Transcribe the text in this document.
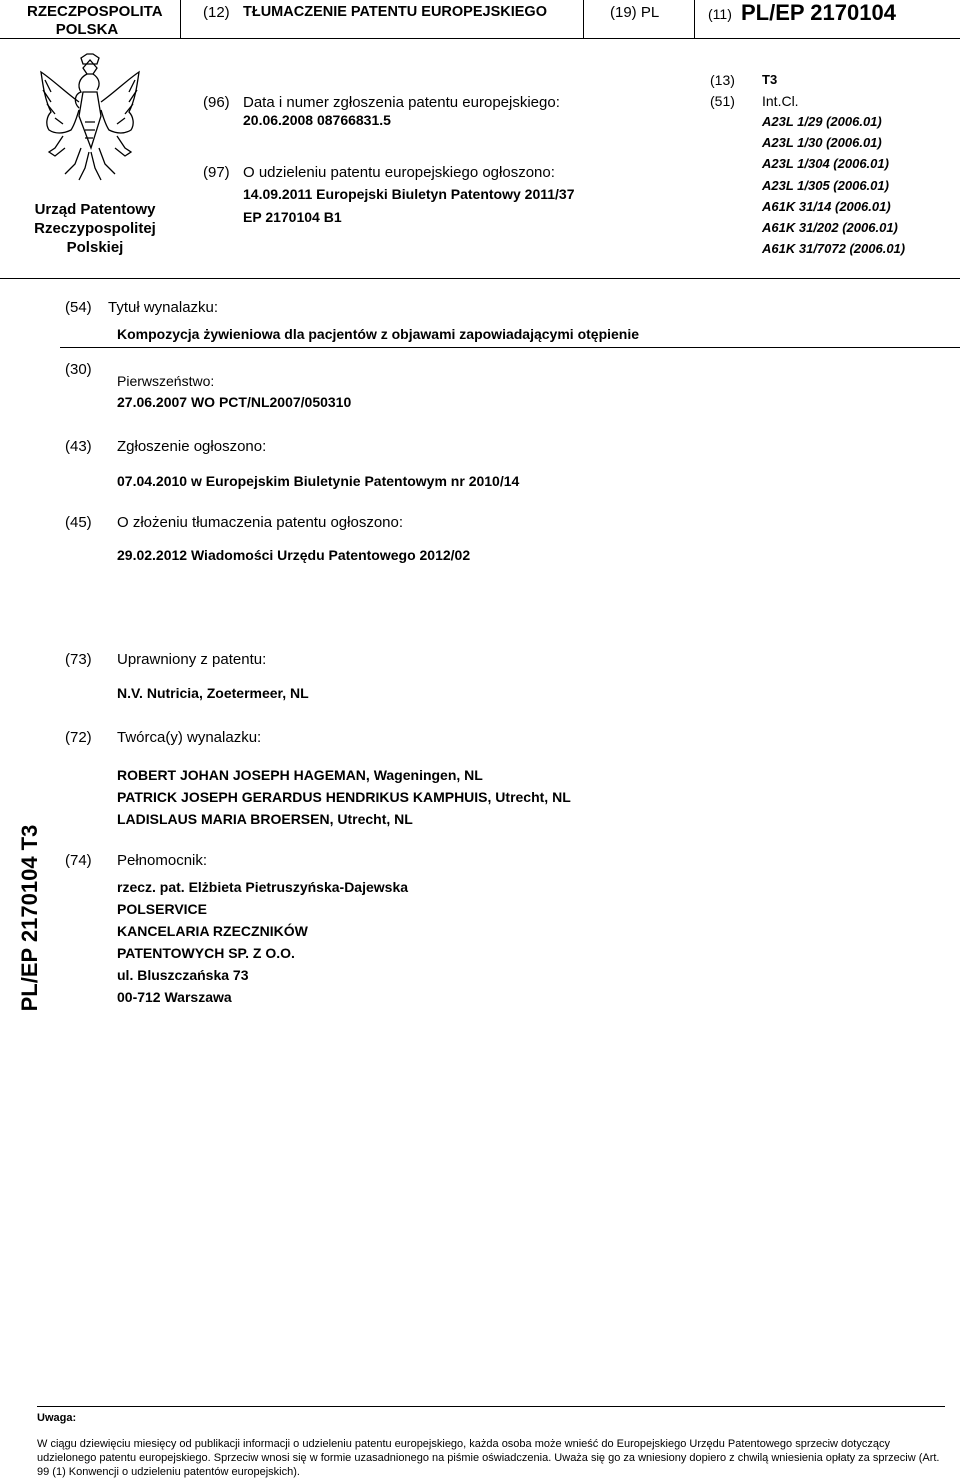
RZECZPOSPOLITA POLSKA
(12) TŁUMACZENIE PATENTU EUROPEJSKIEGO	(19) PL	(11) PL/EP 2170104
Urząd Patentowy
Rzeczypospolitej
Polskiej
(96) Data i numer zgłoszenia patentu europejskiego:
20.06.2008 08766831.5
(97) O udzieleniu patentu europejskiego ogłoszono:
14.09.2011 Europejski Biuletyn Patentowy 2011/37
EP 2170104 B1
(13) T3
(51) Int.Cl.
A23L 1/29 (2006.01)
A23L 1/30 (2006.01)
A23L 1/304 (2006.01)
A23L 1/305 (2006.01)
A61K 31/14 (2006.01)
A61K 31/202 (2006.01)
A61K 31/7072 (2006.01)
(54) Tytuł wynalazku:
Kompozycja żywieniowa dla pacjentów z objawami zapowiadającymi otępienie
(30)
Pierwszeństwo:
27.06.2007 WO PCT/NL2007/050310
(43) Zgłoszenie ogłoszono:
07.04.2010 w Europejskim Biuletynie Patentowym nr 2010/14
(45) O złożeniu tłumaczenia patentu ogłoszono:
29.02.2012 Wiadomości Urzędu Patentowego 2012/02
(73) Uprawniony z patentu:
N.V. Nutricia, Zoetermeer, NL
(72) Twórca(y) wynalazku:
ROBERT JOHAN JOSEPH HAGEMAN, Wageningen, NL
PATRICK JOSEPH GERARDUS HENDRIKUS KAMPHUIS, Utrecht, NL
LADISLAUS MARIA BROERSEN, Utrecht, NL
(74) Pełnomocnik:
rzecz. pat. Elżbieta Pietruszyńska-Dajewska
POLSERVICE
KANCELARIA RZECZNIKÓW
PATENTOWYCH SP. Z O.O.
ul. Bluszczańska 73
00-712 Warszawa
PL/EP 2170104 T3
Uwaga:
W ciągu dziewięciu miesięcy od publikacji informacji o udzieleniu patentu europejskiego, każda osoba może wnieść do Europejskiego Urzędu Patentowego sprzeciw dotyczący udzielonego patentu europejskiego. Sprzeciw wnosi się w formie uzasadnionego na piśmie oświadczenia. Uważa się go za wniesiony dopiero z chwilą wniesienia opłaty za sprzeciw (Art. 99 (1) Konwencji o udzieleniu patentów europejskich).
